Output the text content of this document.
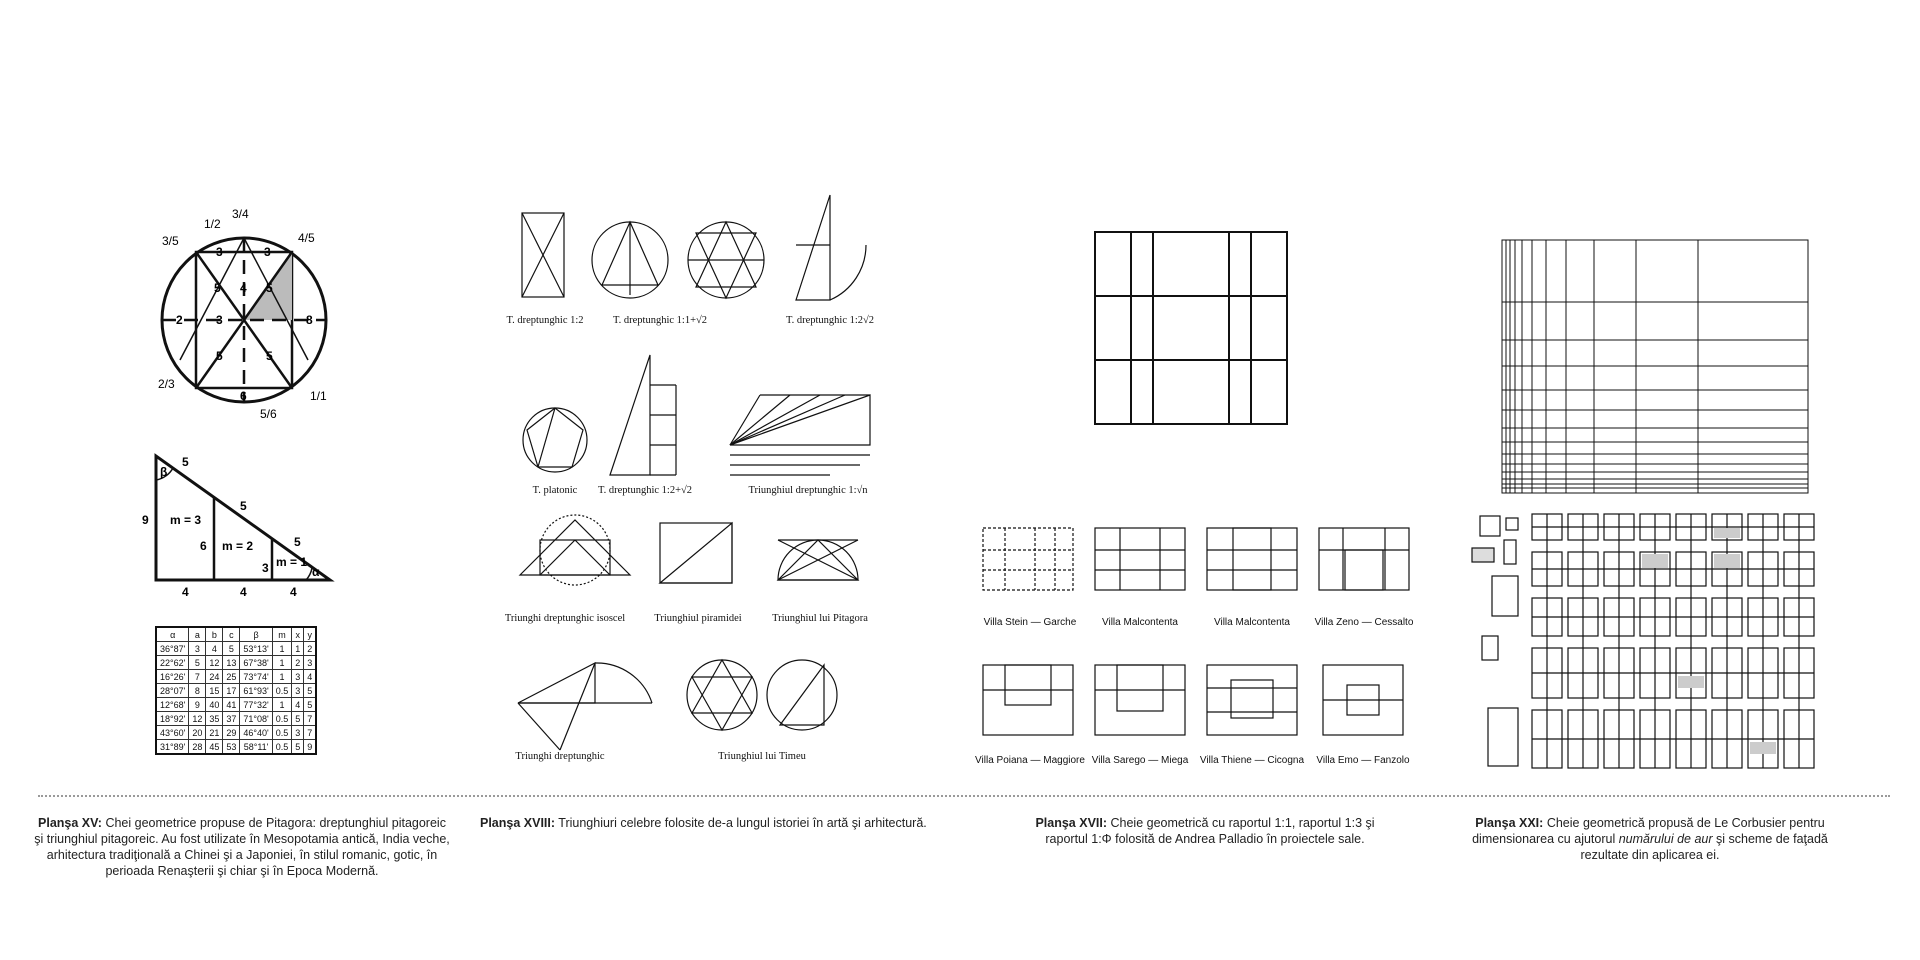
1/2
3/4
3/5	4/5
2/3
1/1
5/6
3	3
4
5	5
2	3	8
5	5
6
β
5
5
9 m = 3
6 m = 2	5
3 m = 1
α
4	4	4
α	a	b	c	β	m	x	y
36°87'	3	4	5	53°13'	1	1	2
22°62'	5	12	13	67°38'	1	2	3
16°26'	7	24	25	73°74'	1	3	4
28°07'	8	15	17	61°93'	0.5	3	5
12°68'	9	40	41	77°32'	1	4	5
18°92'	12	35	37	71°08'	0.5	5	7
43°60'	20	21	29	46°40'	0.5	3	7
31°89'	28	45	53	58°11'	0.5	5	9
T. dreptunghic 1:2	T. dreptunghic 1:1+√2	T. dreptunghic 1:2√2
T. platonic	T. dreptunghic 1:2+√2	Triunghiul dreptunghic 1:√n
Triunghi dreptunghic isoscel	Triunghiul piramidei	Triunghiul lui Pitagora
Triunghi dreptunghic	Triunghiul lui Timeu
Villa Stein — Garche	Villa Malcontenta	Villa Malcontenta	Villa Zeno — Cessalto
Villa Poiana — Maggiore Villa Sarego — Miega	Villa Thiene — Cicogna	Villa Emo — Fanzolo
Planşa XV: Chei geometrice propuse de Pitagora: dreptunghiul pitagoreic şi triunghiul pitagoreic. Au fost utilizate în Mesopotamia antică, India veche, arhitectura tradiţională a Chinei şi a Japoniei, în stilul romanic, gotic, în perioada Renaşterii şi chiar şi în Epoca Modernă.
Planşa XVIII: Triunghiuri celebre folosite de-a lungul istoriei în artă şi arhitectură.	Planşa XVII: Cheie geometrică cu raportul 1:1, raportul 1:3 şi raportul 1:Φ folosită de Andrea Palladio în proiectele sale.
Planşa XXI: Cheie geometrică propusă de Le Corbusier pentru dimensionarea cu ajutorul numărului de aur şi scheme de faţadă rezultate din aplicarea ei.
